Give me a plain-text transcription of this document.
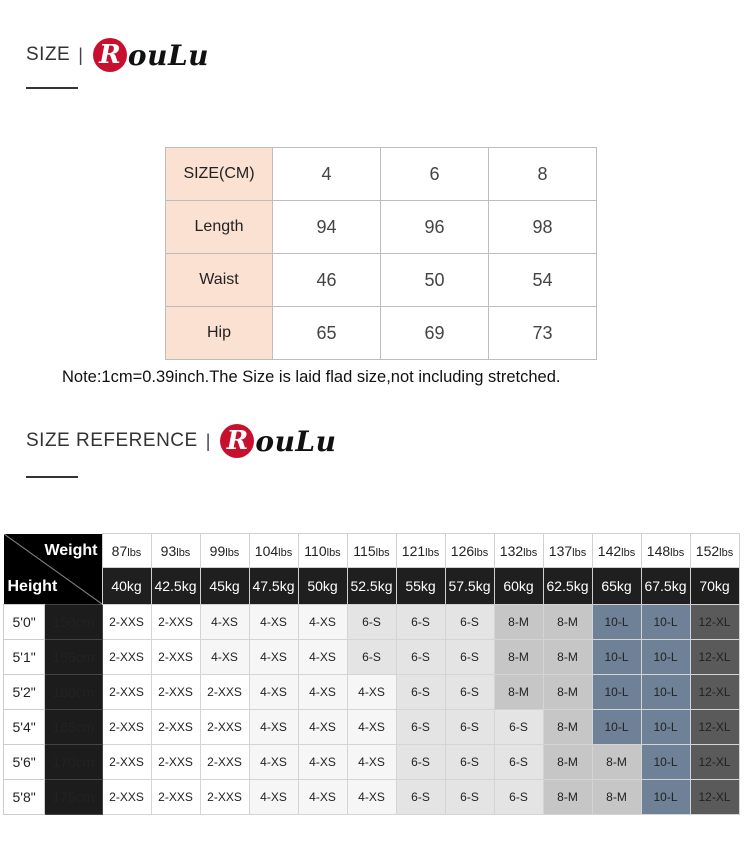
SIZE | R ouLu
SIZE(CM)	4	6	8
Length	94	96	98
Waist	46	50	54
Hip	65	69	73
Note:1cm=0.39inch.The Size is laid flad size,not including stretched.
SIZE REFERENCE | R ouLu
Weight
Height		87lbs	93lbs	99lbs	104lbs	110lbs	115lbs	121lbs	126lbs	132lbs	137lbs	142lbs	148lbs	152lbs
		40kg	42.5kg	45kg	47.5kg	50kg	52.5kg	55kg	57.5kg	60kg	62.5kg	65kg	67.5kg	70kg
5'0"	150cm	2-XXS	2-XXS	4-XS	4-XS	4-XS	6-S	6-S	6-S	8-M	8-M	10-L	10-L	12-XL
5'1"	155cm	2-XXS	2-XXS	4-XS	4-XS	4-XS	6-S	6-S	6-S	8-M	8-M	10-L	10-L	12-XL
5'2"	160cm	2-XXS	2-XXS	2-XXS	4-XS	4-XS	4-XS	6-S	6-S	8-M	8-M	10-L	10-L	12-XL
5'4"	165cm	2-XXS	2-XXS	2-XXS	4-XS	4-XS	4-XS	6-S	6-S	6-S	8-M	10-L	10-L	12-XL
5'6"	170cm	2-XXS	2-XXS	2-XXS	4-XS	4-XS	4-XS	6-S	6-S	6-S	8-M	8-M	10-L	12-XL
5'8"	175cm	2-XXS	2-XXS	2-XXS	4-XS	4-XS	4-XS	6-S	6-S	6-S	8-M	8-M	10-L	12-XL
